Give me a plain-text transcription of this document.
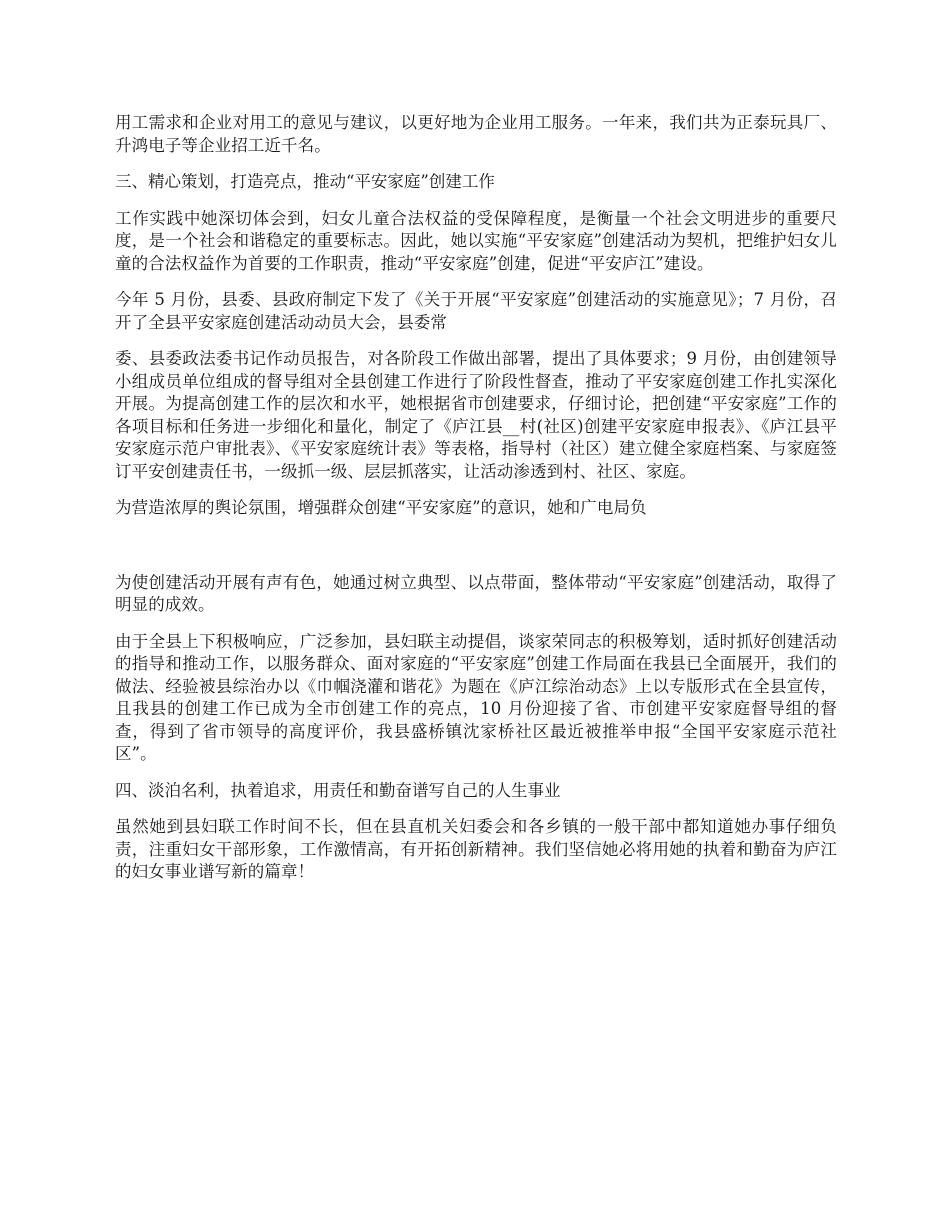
用工需求和企业对用工的意见与建议，以更好地为企业用工服务。一年来，我们共为正泰玩具厂、升鸿电子等企业招工近千名。

三、精心策划，打造亮点，推动“平安家庭”创建工作

工作实践中她深切体会到，妇女儿童合法权益的受保障程度，是衡量一个社会文明进步的重要尺度，是一个社会和谐稳定的重要标志。因此，她以实施“平安家庭”创建活动为契机，把维护妇女儿童的合法权益作为首要的工作职责，推动“平安家庭”创建，促进“平安庐江”建设。

今年 5 月份，县委、县政府制定下发了《关于开展“平安家庭”创建活动的实施意见》；7 月份，召开了全县平安家庭创建活动动员大会，县委常

委、县委政法委书记作动员报告，对各阶段工作做出部署，提出了具体要求；9 月份，由创建领导小组成员单位组成的督导组对全县创建工作进行了阶段性督查，推动了平安家庭创建工作扎实深化开展。为提高创建工作的层次和水平，她根据省市创建要求，仔细讨论，把创建“平安家庭”工作的各项目标和任务进一步细化和量化，制定了《庐江县__村(社区)创建平安家庭申报表》、《庐江县平安家庭示范户审批表》、《平安家庭统计表》等表格，指导村（社区）建立健全家庭档案、与家庭签订平安创建责任书，一级抓一级、层层抓落实，让活动渗透到村、社区、家庭。

为营造浓厚的舆论氛围，增强群众创建“平安家庭”的意识，她和广电局负

为使创建活动开展有声有色，她通过树立典型、以点带面，整体带动“平安家庭”创建活动，取得了明显的成效。

由于全县上下积极响应，广泛参加，县妇联主动提倡，谈家荣同志的积极筹划，适时抓好创建活动的指导和推动工作，以服务群众、面对家庭的“平安家庭”创建工作局面在我县已全面展开，我们的做法、经验被县综治办以《巾帼浇灌和谐花》为题在《庐江综治动态》上以专版形式在全县宣传，且我县的创建工作已成为全市创建工作的亮点，10 月份迎接了省、市创建平安家庭督导组的督查，得到了省市领导的高度评价，我县盛桥镇沈家桥社区最近被推举申报“全国平安家庭示范社区”。

四、淡泊名利，执着追求，用责任和勤奋谱写自己的人生事业

虽然她到县妇联工作时间不长，但在县直机关妇委会和各乡镇的一般干部中都知道她办事仔细负责，注重妇女干部形象，工作激情高，有开拓创新精神。我们坚信她必将用她的执着和勤奋为庐江的妇女事业谱写新的篇章！
